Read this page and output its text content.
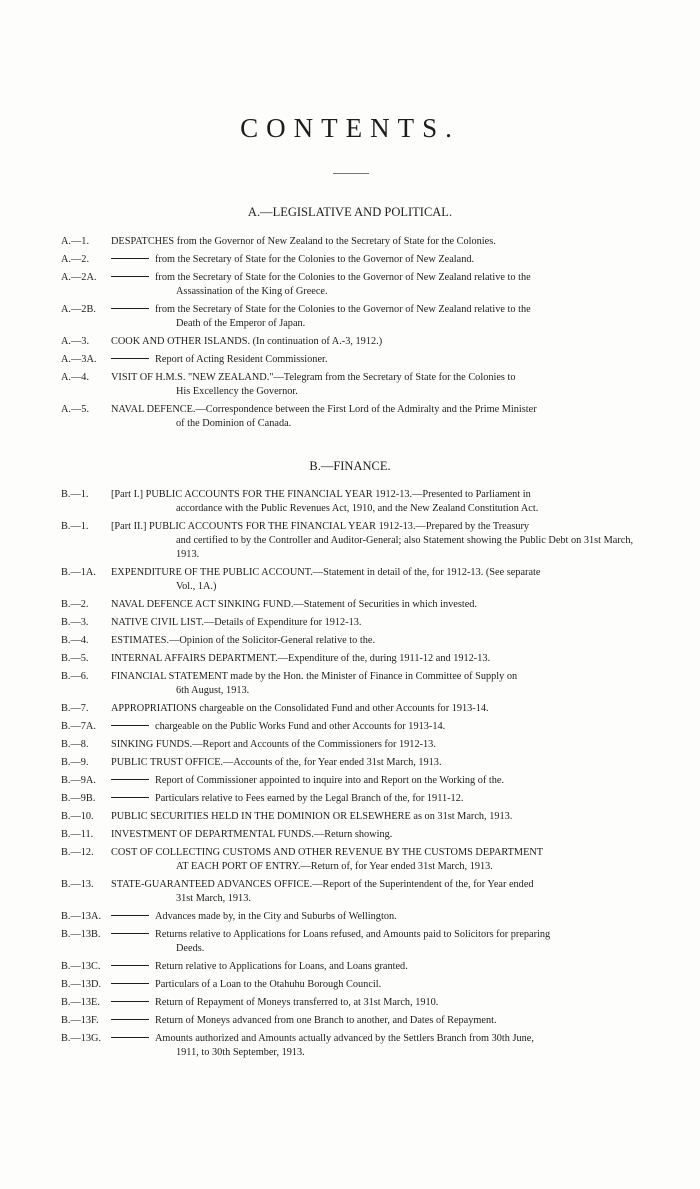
CONTENTS.
A.—LEGISLATIVE AND POLITICAL.
A.—1. DESPATCHES from the Governor of New Zealand to the Secretary of State for the Colonies.
A.—2.	from the Secretary of State for the Colonies to the Governor of New Zealand.
A.—2A.	from the Secretary of State for the Colonies to the Governor of New Zealand relative to the
Assassination of the King of Greece.
A.—2B.	from the Secretary of State for the Colonies to the Governor of New Zealand relative to the
Death of the Emperor of Japan.
A.—3. COOK AND OTHER ISLANDS. (In continuation of A.-3, 1912.)
A.—3A.	Report of Acting Resident Commissioner.
A.—4. VISIT OF H.M.S. "NEW ZEALAND."—Telegram from the Secretary of State for the Colonies to
His Excellency the Governor.
A.—5. NAVAL DEFENCE.—Correspondence between the First Lord of the Admiralty and the Prime Minister
of the Dominion of Canada.
B.—FINANCE.
B.—1. [Part I.] PUBLIC ACCOUNTS FOR THE FINANCIAL YEAR 1912-13.—Presented to Parliament in
accordance with the Public Revenues Act, 1910, and the New Zealand Constitution Act.
B.—1. [Part II.] PUBLIC ACCOUNTS FOR THE FINANCIAL YEAR 1912-13.—Prepared by the Treasury
and certified to by the Controller and Auditor-General; also Statement showing the Public Debt on 31st March, 1913.
B.—1A. EXPENDITURE OF THE PUBLIC ACCOUNT.—Statement in detail of the, for 1912-13. (See separate
Vol., 1A.)
B.—2. NAVAL DEFENCE ACT SINKING FUND.—Statement of Securities in which invested.
B.—3. NATIVE CIVIL LIST.—Details of Expenditure for 1912-13.
B.—4. ESTIMATES.—Opinion of the Solicitor-General relative to the.
B.—5. INTERNAL AFFAIRS DEPARTMENT.—Expenditure of the, during 1911-12 and 1912-13.
B.—6. FINANCIAL STATEMENT made by the Hon. the Minister of Finance in Committee of Supply on
6th August, 1913.
B.—7. APPROPRIATIONS chargeable on the Consolidated Fund and other Accounts for 1913-14.
B.—7A.	chargeable on the Public Works Fund and other Accounts for 1913-14.
B.—8. SINKING FUNDS.—Report and Accounts of the Commissioners for 1912-13.
B.—9. PUBLIC TRUST OFFICE.—Accounts of the, for Year ended 31st March, 1913.
B.—9A.	Report of Commissioner appointed to inquire into and Report on the Working of the.
B.—9B.	Particulars relative to Fees earned by the Legal Branch of the, for 1911-12.
B.—10. PUBLIC SECURITIES HELD IN THE DOMINION OR ELSEWHERE as on 31st March, 1913.
B.—11. INVESTMENT OF DEPARTMENTAL FUNDS.—Return showing.
B.—12. COST OF COLLECTING CUSTOMS AND OTHER REVENUE BY THE CUSTOMS DEPARTMENT
AT EACH PORT OF ENTRY.—Return of, for Year ended 31st March, 1913.
B.—13. STATE-GUARANTEED ADVANCES OFFICE.—Report of the Superintendent of the, for Year ended
31st March, 1913.
B.—13A.	Advances made by, in the City and Suburbs of Wellington.
B.—13B.	Returns relative to Applications for Loans refused, and Amounts paid to Solicitors for preparing
Deeds.
B.—13C.	Return relative to Applications for Loans, and Loans granted.
B.—13D.	Particulars of a Loan to the Otahuhu Borough Council.
B.—13E.	Return of Repayment of Moneys transferred to, at 31st March, 1910.
B.—13F.	Return of Moneys advanced from one Branch to another, and Dates of Repayment.
B.—13G.	Amounts authorized and Amounts actually advanced by the Settlers Branch from 30th June,
1911, to 30th September, 1913.
